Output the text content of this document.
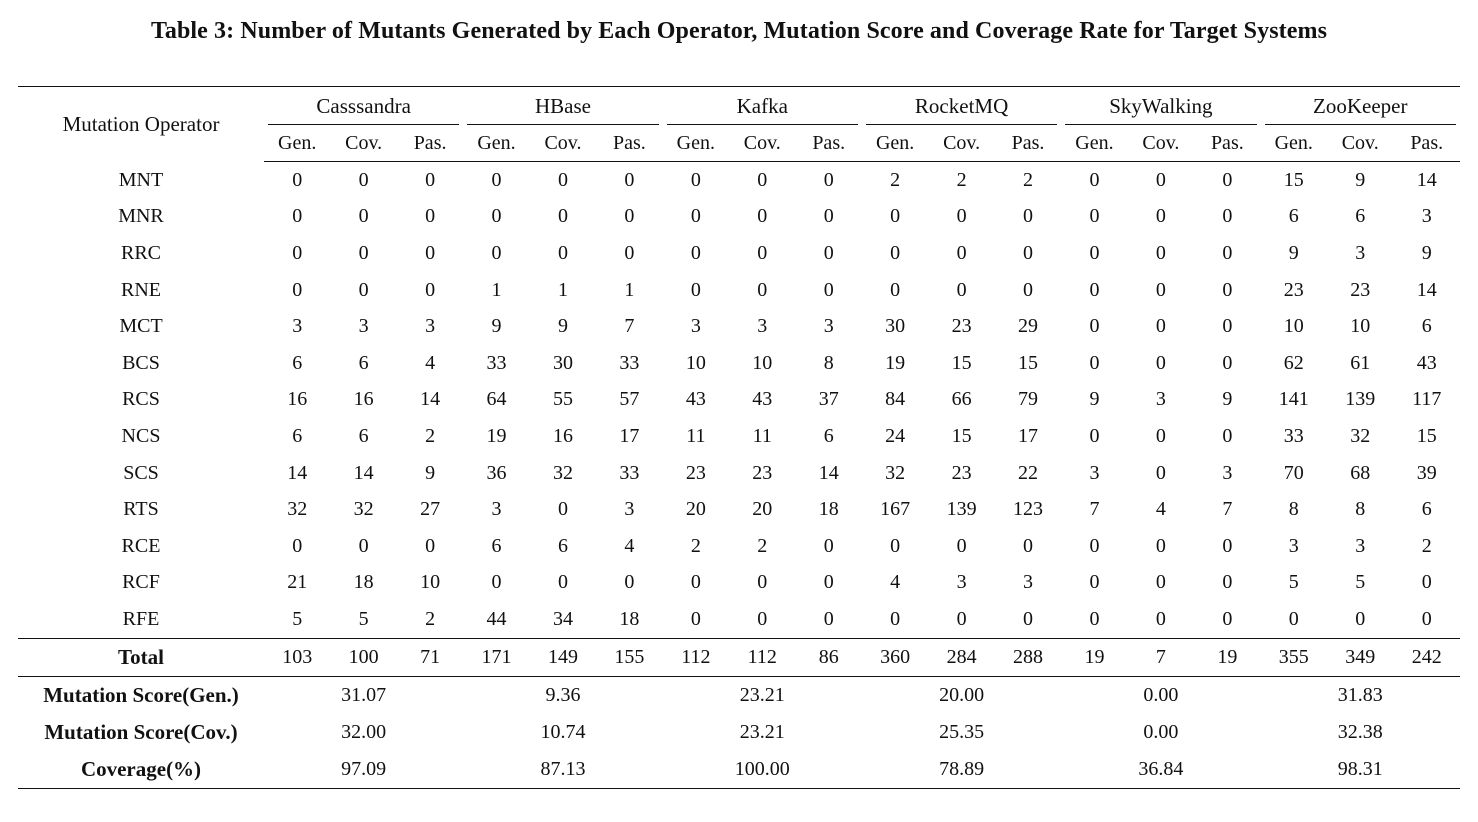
Table 3: Number of Mutants Generated by Each Operator, Mutation Score and Coverage Rate for Target Systems
Mutation Operator	Casssandra			HBase			Kafka			RocketMQ			SkyWalking			ZooKeeper		
	Gen.	Cov.	Pas.	Gen.	Cov.	Pas.	Gen.	Cov.	Pas.	Gen.	Cov.	Pas.	Gen.	Cov.	Pas.	Gen.	Cov.	Pas.
MNT	0	0	0	0	0	0	0	0	0	2	2	2	0	0	0	15	9	14
MNR	0	0	0	0	0	0	0	0	0	0	0	0	0	0	0	6	6	3
RRC	0	0	0	0	0	0	0	0	0	0	0	0	0	0	0	9	3	9
RNE	0	0	0	1	1	1	0	0	0	0	0	0	0	0	0	23	23	14
MCT	3	3	3	9	9	7	3	3	3	30	23	29	0	0	0	10	10	6
BCS	6	6	4	33	30	33	10	10	8	19	15	15	0	0	0	62	61	43
RCS	16	16	14	64	55	57	43	43	37	84	66	79	9	3	9	141	139	117
NCS	6	6	2	19	16	17	11	11	6	24	15	17	0	0	0	33	32	15
SCS	14	14	9	36	32	33	23	23	14	32	23	22	3	0	3	70	68	39
RTS	32	32	27	3	0	3	20	20	18	167	139	123	7	4	7	8	8	6
RCE	0	0	0	6	6	4	2	2	0	0	0	0	0	0	0	3	3	2
RCF	21	18	10	0	0	0	0	0	0	4	3	3	0	0	0	5	5	0
RFE	5	5	2	44	34	18	0	0	0	0	0	0	0	0	0	0	0	0
Total	103	100	71	171	149	155	112	112	86	360	284	288	19	7	19	355	349	242
Mutation Score(Gen.)	31.07			9.36			23.21			20.00			0.00			31.83		
Mutation Score(Cov.)	32.00			10.74			23.21			25.35			0.00			32.38		
Coverage(%)	97.09			87.13			100.00			78.89			36.84			98.31		
